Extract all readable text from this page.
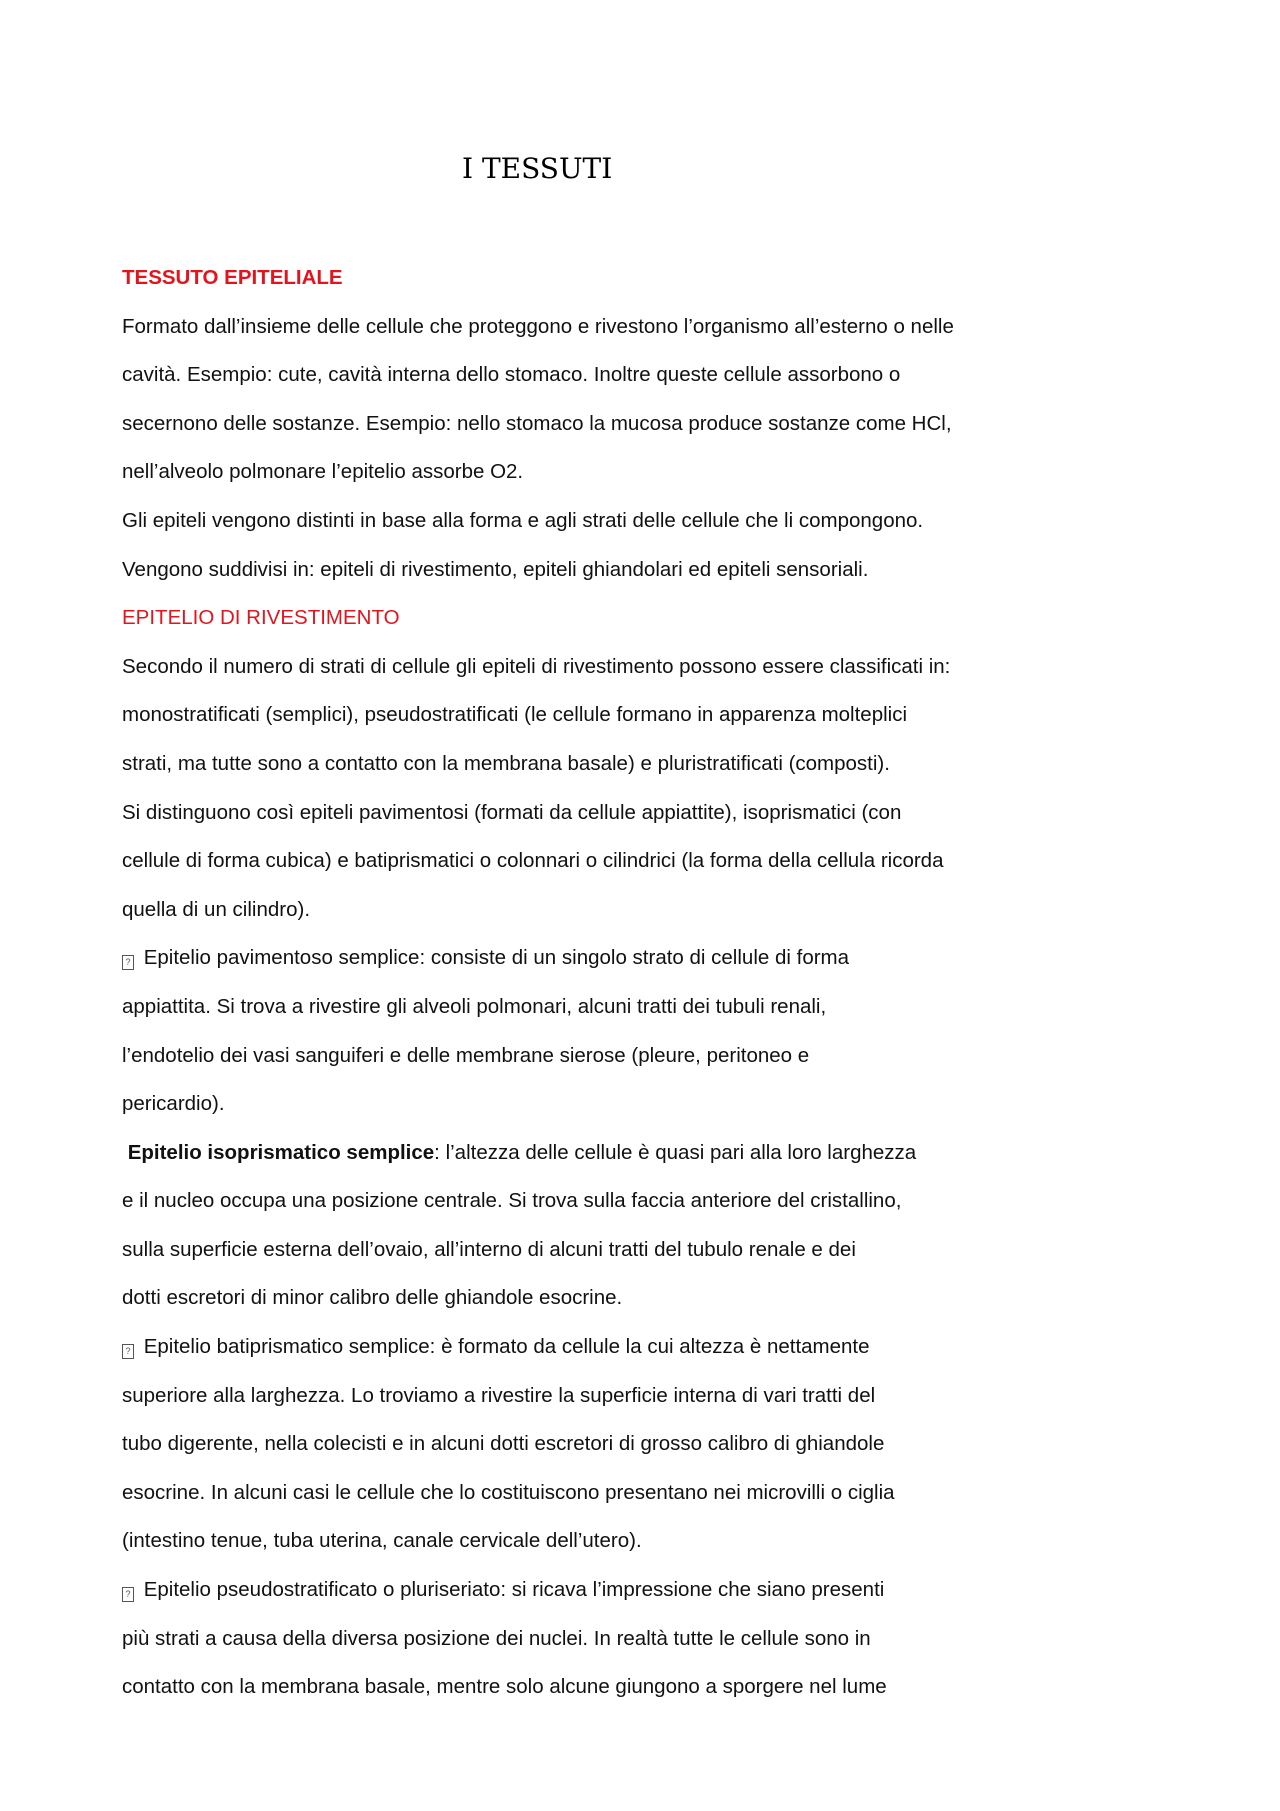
I TESSUTI

TESSUTO EPITELIALE

Formato dall’insieme delle cellule che proteggono e rivestono l’organismo all’esterno o nelle

cavità. Esempio: cute, cavità interna dello stomaco. Inoltre queste cellule assorbono o

secernono delle sostanze. Esempio: nello stomaco la mucosa produce sostanze come HCl,

nell’alveolo polmonare l’epitelio assorbe O2.

Gli epiteli vengono distinti in base alla forma e agli strati delle cellule che li compongono.

Vengono suddivisi in: epiteli di rivestimento, epiteli ghiandolari ed epiteli sensoriali.

EPITELIO DI RIVESTIMENTO

Secondo il numero di strati di cellule gli epiteli di rivestimento possono essere classificati in:

monostratificati (semplici), pseudostratificati (le cellule formano in apparenza molteplici

strati, ma tutte sono a contatto con la membrana basale) e pluristratificati (composti).

Si distinguono così epiteli pavimentosi (formati da cellule appiattite), isoprismatici (con

cellule di forma cubica) e batiprismatici o colonnari o cilindrici (la forma della cellula ricorda

quella di un cilindro).

? Epitelio pavimentoso semplice: consiste di un singolo strato di cellule di forma

appiattita. Si trova a rivestire gli alveoli polmonari, alcuni tratti dei tubuli renali,

l’endotelio dei vasi sanguiferi e delle membrane sierose (pleure, peritoneo e

pericardio).

Epitelio isoprismatico semplice: l’altezza delle cellule è quasi pari alla loro larghezza

e il nucleo occupa una posizione centrale. Si trova sulla faccia anteriore del cristallino,

sulla superficie esterna dell’ovaio, all’interno di alcuni tratti del tubulo renale e dei

dotti escretori di minor calibro delle ghiandole esocrine.

? Epitelio batiprismatico semplice: è formato da cellule la cui altezza è nettamente

superiore alla larghezza. Lo troviamo a rivestire la superficie interna di vari tratti del

tubo digerente, nella colecisti e in alcuni dotti escretori di grosso calibro di ghiandole

esocrine. In alcuni casi le cellule che lo costituiscono presentano nei microvilli o ciglia

(intestino tenue, tuba uterina, canale cervicale dell’utero).

? Epitelio pseudostratificato o pluriseriato: si ricava l’impressione che siano presenti

più strati a causa della diversa posizione dei nuclei. In realtà tutte le cellule sono in

contatto con la membrana basale, mentre solo alcune giungono a sporgere nel lume
